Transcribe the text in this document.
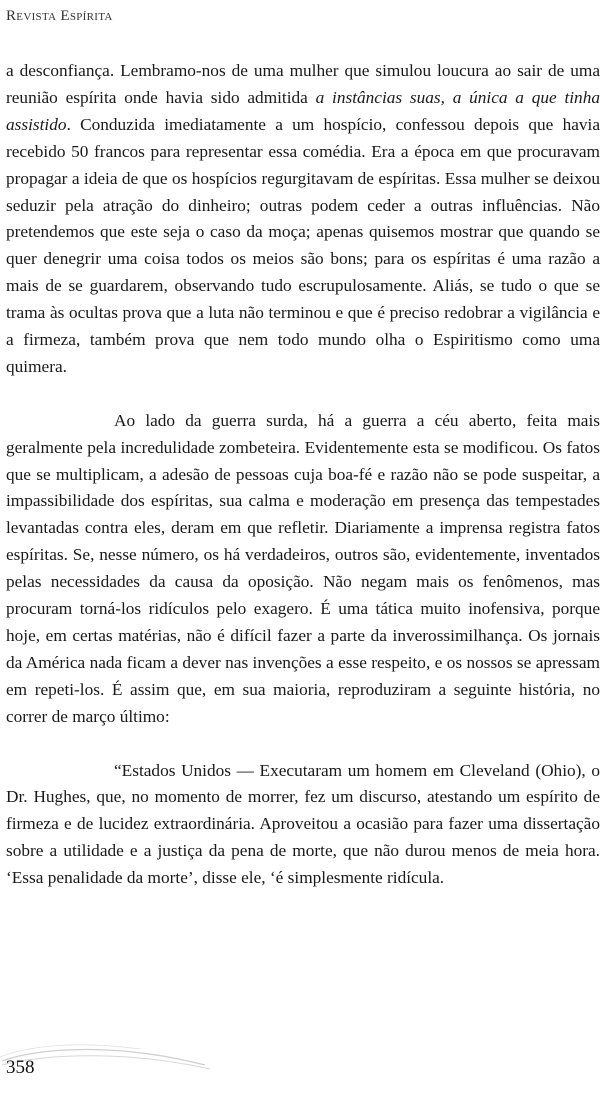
Revista Espírita

a desconfiança. Lembramo-nos de uma mulher que simulou loucura ao sair de uma reunião espírita onde havia sido admitida a instâncias suas, a única a que tinha assistido. Conduzida imediatamente a um hospício, confessou depois que havia recebido 50 francos para representar essa comédia. Era a época em que procuravam propagar a ideia de que os hospícios regurgitavam de espíritas. Essa mulher se deixou seduzir pela atração do dinheiro; outras podem ceder a outras influências. Não pretendemos que este seja o caso da moça; apenas quisemos mostrar que quando se quer denegrir uma coisa todos os meios são bons; para os espíritas é uma razão a mais de se guardarem, observando tudo escrupulosamente. Aliás, se tudo o que se trama às ocultas prova que a luta não terminou e que é preciso redobrar a vigilância e a firmeza, também prova que nem todo mundo olha o Espiritismo como uma quimera.

Ao lado da guerra surda, há a guerra a céu aberto, feita mais geralmente pela incredulidade zombeteira. Evidentemente esta se modificou. Os fatos que se multiplicam, a adesão de pessoas cuja boa-fé e razão não se pode suspeitar, a impassibilidade dos espíritas, sua calma e moderação em presença das tempestades levantadas contra eles, deram em que refletir. Diariamente a imprensa registra fatos espíritas. Se, nesse número, os há verdadeiros, outros são, evidentemente, inventados pelas necessidades da causa da oposição. Não negam mais os fenômenos, mas procuram torná-los ridículos pelo exagero. É uma tática muito inofensiva, porque hoje, em certas matérias, não é difícil fazer a parte da inverossimilhança. Os jornais da América nada ficam a dever nas invenções a esse respeito, e os nossos se apressam em repeti-los. É assim que, em sua maioria, reproduziram a seguinte história, no correr de março último:

“Estados Unidos — Executaram um homem em Cleveland (Ohio), o Dr. Hughes, que, no momento de morrer, fez um discurso, atestando um espírito de firmeza e de lucidez extraordinária. Aproveitou a ocasião para fazer uma dissertação sobre a utilidade e a justiça da pena de morte, que não durou menos de meia hora. ‘Essa penalidade da morte’, disse ele, ‘é simplesmente ridícula.

358
